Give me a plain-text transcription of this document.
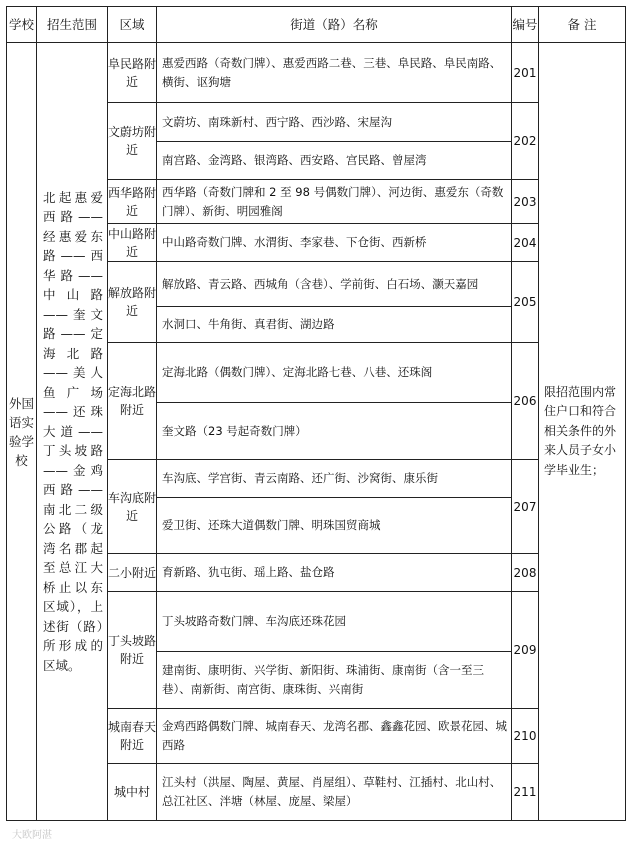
学校	招生范围	区域	街道（路）名称	编号	备 注
外国语实验学校	北起惠爱西路——经惠爱东路——西华路——中山路——奎文路——定海北路——美人鱼广场——还珠大道——丁头坡路——金鸡西路——南北二级公路（龙湾名郡起至总江大桥止以东区域），上述街（路）所形成的区域。	阜民路附近	惠爱西路（奇数门牌）、惠爱西路二巷、三巷、阜民路、阜民南路、横街、讴狗塘	201	限招范围内常住户口和符合相关条件的外来人员子女小学毕业生；
		文蔚坊附近	文蔚坊、南珠新村、西宁路、西沙路、宋屋沟	202	
			南宫路、金湾路、银湾路、西安路、宫民路、曾屋湾		
		西华路附近	西华路（奇数门牌和 2 至 98 号偶数门牌）、河边街、惠爱东（奇数门牌）、新街、明园雅阁	203	
		中山路附近	中山路奇数门牌、水渭街、李家巷、下仓街、西新桥	204	
		解放路附近	解放路、青云路、西城角（含巷）、学前街、白石场、灏天嘉园	205	
			水洞口、牛角街、真君街、湖边路		
		定海北路附近	定海北路（偶数门牌）、定海北路七巷、八巷、还珠阁	206	
			奎文路（23 号起奇数门牌）		
		车沟底附近	车沟底、学宫街、青云南路、还广街、沙窝街、康乐街	207	
			爱卫街、还珠大道偶数门牌、明珠国贸商城		
		二小附近	育新路、犰屯街、瑶上路、盐仓路	208	
		丁头坡路附近	丁头坡路奇数门牌、车沟底还珠花园	209	
			建南街、康明街、兴学街、新阳街、珠浦街、康南街（含一至三巷）、南新街、南宫街、康珠街、兴南街		
		城南春天附近	金鸡西路偶数门牌、城南春天、龙湾名郡、鑫鑫花园、欧景花园、城西路	210	
		城中村	江头村（洪屋、陶屋、黄屋、肖屋组）、草鞋村、江插村、北山村、总江社区、泮塘（林屋、庞屋、梁屋）	211	
大欧阿湛
